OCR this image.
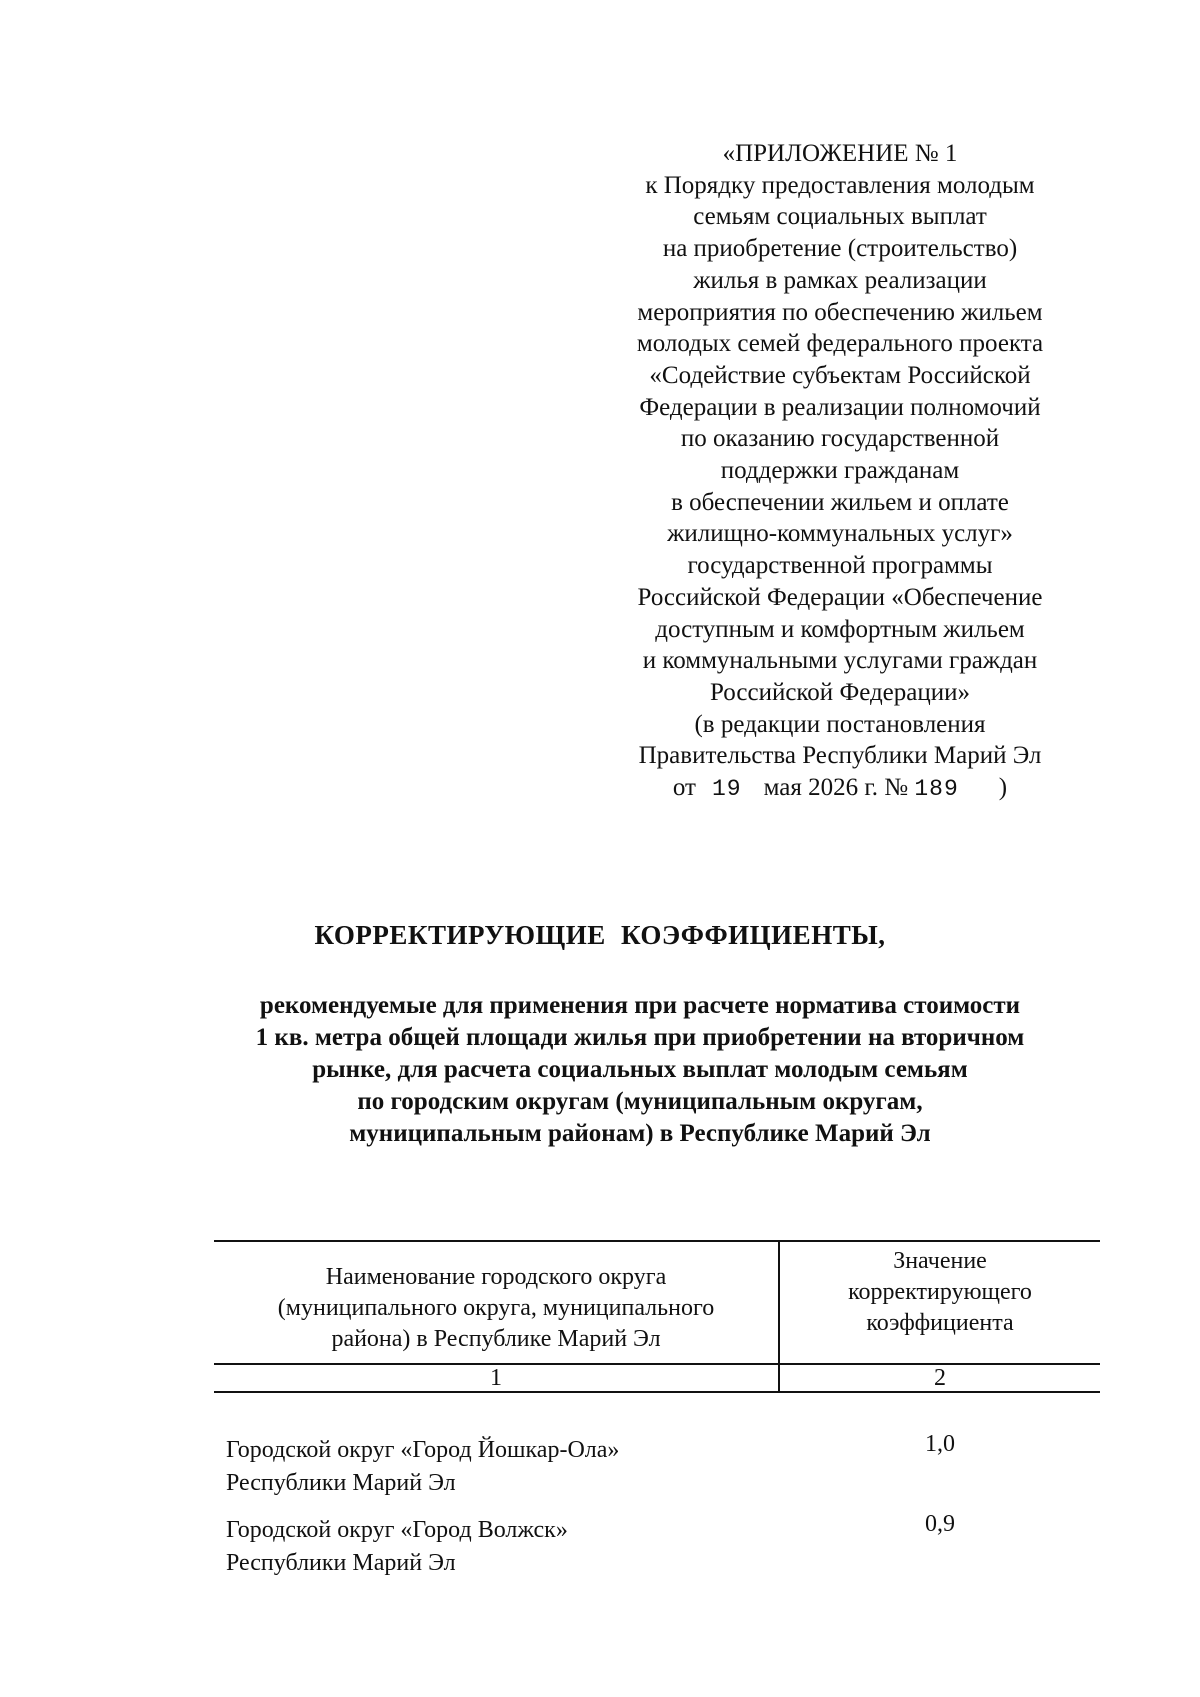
«ПРИЛОЖЕНИЕ № 1
к Порядку предоставления молодым
семьям социальных выплат
на приобретение (строительство)
жилья в рамках реализации
мероприятия по обеспечению жильем
молодых семей федерального проекта
«Содействие субъектам Российской
Федерации в реализации полномочий
по оказанию государственной
поддержки гражданам
в обеспечении жильем и оплате
жилищно-коммунальных услуг»
государственной программы
Российской Федерации «Обеспечение
доступным и комфортным жильем
и коммунальными услугами граждан
Российской Федерации»
(в редакции постановления
Правительства Республики Марий Эл
от 19 мая 2026 г. № 189 )
КОРРЕКТИРУЮЩИЕ КОЭФФИЦИЕНТЫ,
рекомендуемые для применения при расчете норматива стоимости
1 кв. метра общей площади жилья при приобретении на вторичном
рынке, для расчета социальных выплат молодым семьям
по городским округам (муниципальным округам,
муниципальным районам) в Республике Марий Эл
Наименование городского округа
(муниципального округа, муниципального
района) в Республике Марий Эл
Значение
корректирующего
коэффициента
1	2
Городской округ «Город Йошкар-Ола»
Республики Марий Эл
1,0
Городской округ «Город Волжск»
Республики Марий Эл
0,9
